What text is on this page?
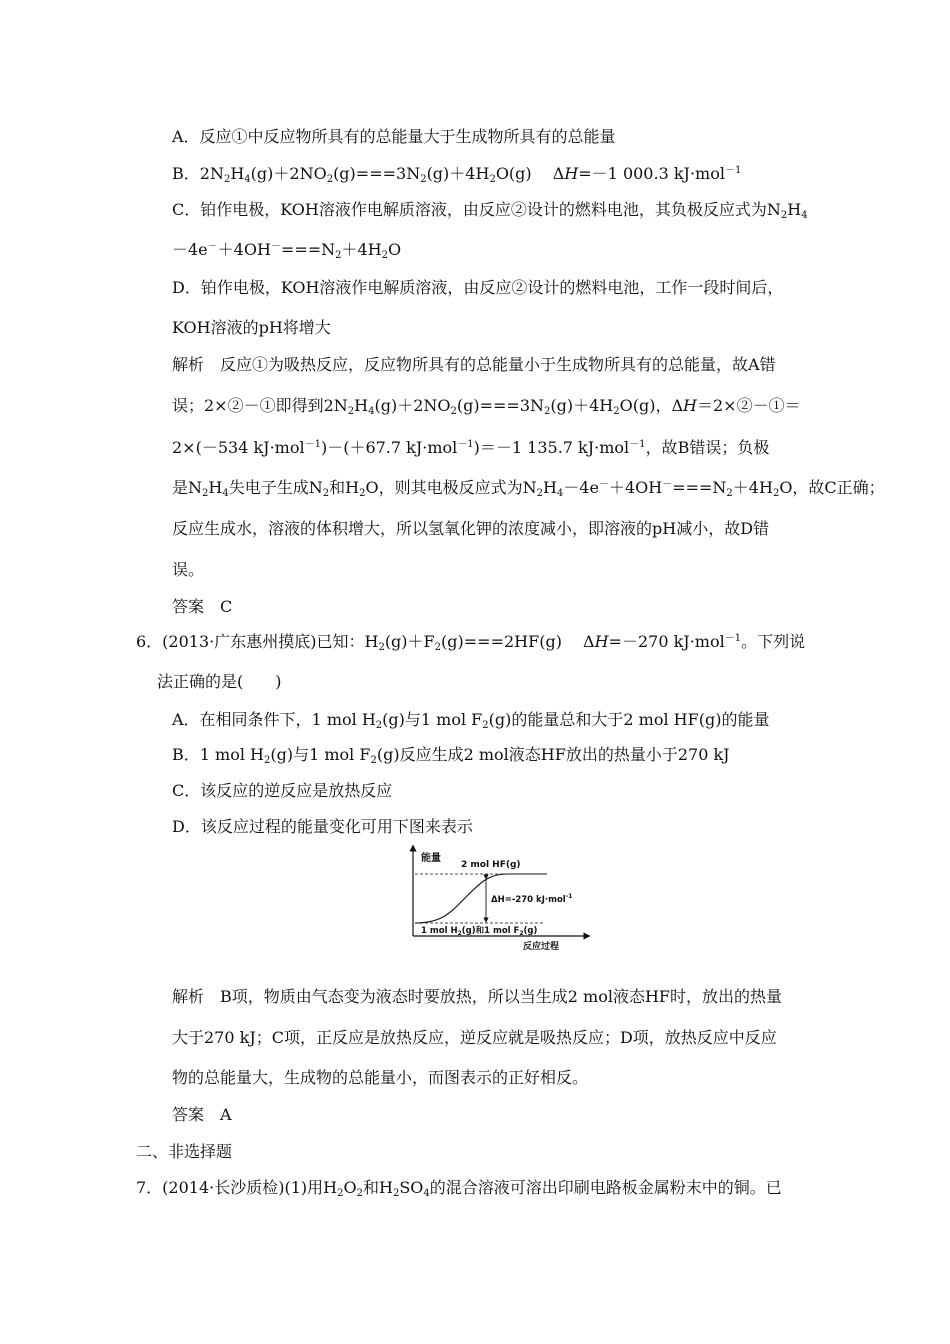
A．反应①中反应物所具有的总能量大于生成物所具有的总能量
B．$2N_2H_4(g)+2NO_2(g)===3N_2(g)+4H_2O(g)$　 ΔH=－1 000.3 kJ·mol$^{-1}$
C．铂作电极，KOH溶液作电解质溶液，由反应②设计的燃料电池，其负极反应式为$N_2H_4$
$-4e^-+4OH^-===N_2+4H_2O$
D．铂作电极，KOH溶液作电解质溶液，由反应②设计的燃料电池，工作一段时间后，
KOH溶液的pH将增大
解析　反应①为吸热反应，反应物所具有的总能量小于生成物所具有的总能量，故A错
误；2×②－①即得到$2N_2H_4(g)+2NO_2(g)===3N_2(g)+4H_2O(g)$，ΔH＝2×②－①＝
2×(－534 kJ·mol$^{-1}$)－(＋67.7 kJ·mol$^{-1}$)＝－1 135.7 kJ·mol$^{-1}$，故B错误；负极
是$N_2H_4$失电子生成$N_2$和$H_2O$，则其电极反应式为$N_2H_4-4e^-+4OH^-===N_2+4H_2O$，故C正确；
反应生成水，溶液的体积增大，所以氢氧化钾的浓度减小，即溶液的pH减小，故D错
误。
答案　C
6．(2013·广东惠州摸底)已知：$H_2(g)+F_2(g)===2HF(g)$　 ΔH=－270 kJ·mol$^{-1}$。下列说
法正确的是(　　)
A．在相同条件下，1 mol $H_2(g)$与1 mol $F_2(g)$的能量总和大于2 mol HF(g)的能量
B．1 mol $H_2(g)$与1 mol $F_2(g)$反应生成2 mol液态HF放出的热量小于270 kJ
C．该反应的逆反应是放热反应
D．该反应过程的能量变化可用下图来表示
能量
2 mol HF(g)
ΔH=-270 kJ·mol$^{-1}$
1 mol $H_2(g)$和1 mol $F_2(g)$
反应过程
解析　B项，物质由气态变为液态时要放热，所以当生成2 mol液态HF时，放出的热量
大于270 kJ；C项，正反应是放热反应，逆反应就是吸热反应；D项，放热反应中反应
物的总能量大，生成物的总能量小，而图表示的正好相反。
答案　A
二、非选择题
7．(2014·长沙质检)(1)用$H_2O_2$和$H_2SO_4$的混合溶液可溶出印刷电路板金属粉末中的铜。已
